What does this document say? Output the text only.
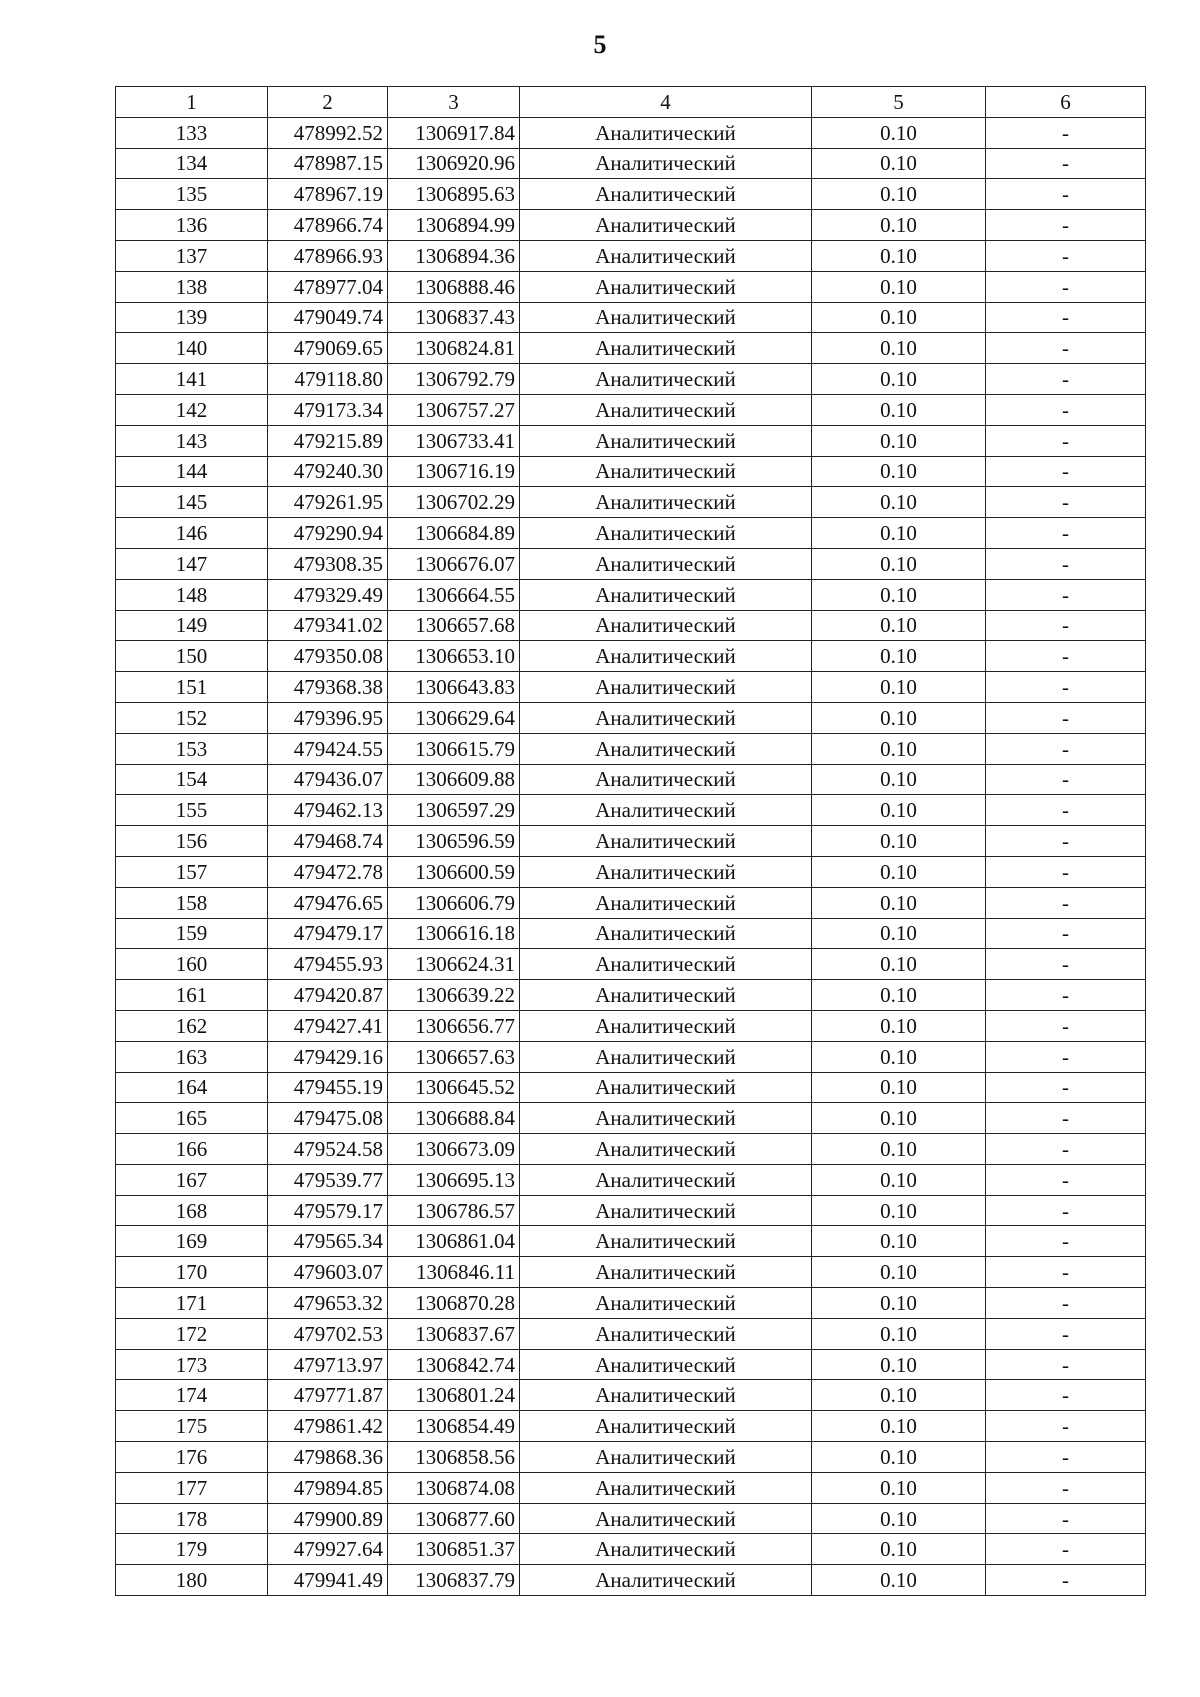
5
1	2	3	4	5	6
133	478992.52	1306917.84	Аналитический	0.10	-
134	478987.15	1306920.96	Аналитический	0.10	-
135	478967.19	1306895.63	Аналитический	0.10	-
136	478966.74	1306894.99	Аналитический	0.10	-
137	478966.93	1306894.36	Аналитический	0.10	-
138	478977.04	1306888.46	Аналитический	0.10	-
139	479049.74	1306837.43	Аналитический	0.10	-
140	479069.65	1306824.81	Аналитический	0.10	-
141	479118.80	1306792.79	Аналитический	0.10	-
142	479173.34	1306757.27	Аналитический	0.10	-
143	479215.89	1306733.41	Аналитический	0.10	-
144	479240.30	1306716.19	Аналитический	0.10	-
145	479261.95	1306702.29	Аналитический	0.10	-
146	479290.94	1306684.89	Аналитический	0.10	-
147	479308.35	1306676.07	Аналитический	0.10	-
148	479329.49	1306664.55	Аналитический	0.10	-
149	479341.02	1306657.68	Аналитический	0.10	-
150	479350.08	1306653.10	Аналитический	0.10	-
151	479368.38	1306643.83	Аналитический	0.10	-
152	479396.95	1306629.64	Аналитический	0.10	-
153	479424.55	1306615.79	Аналитический	0.10	-
154	479436.07	1306609.88	Аналитический	0.10	-
155	479462.13	1306597.29	Аналитический	0.10	-
156	479468.74	1306596.59	Аналитический	0.10	-
157	479472.78	1306600.59	Аналитический	0.10	-
158	479476.65	1306606.79	Аналитический	0.10	-
159	479479.17	1306616.18	Аналитический	0.10	-
160	479455.93	1306624.31	Аналитический	0.10	-
161	479420.87	1306639.22	Аналитический	0.10	-
162	479427.41	1306656.77	Аналитический	0.10	-
163	479429.16	1306657.63	Аналитический	0.10	-
164	479455.19	1306645.52	Аналитический	0.10	-
165	479475.08	1306688.84	Аналитический	0.10	-
166	479524.58	1306673.09	Аналитический	0.10	-
167	479539.77	1306695.13	Аналитический	0.10	-
168	479579.17	1306786.57	Аналитический	0.10	-
169	479565.34	1306861.04	Аналитический	0.10	-
170	479603.07	1306846.11	Аналитический	0.10	-
171	479653.32	1306870.28	Аналитический	0.10	-
172	479702.53	1306837.67	Аналитический	0.10	-
173	479713.97	1306842.74	Аналитический	0.10	-
174	479771.87	1306801.24	Аналитический	0.10	-
175	479861.42	1306854.49	Аналитический	0.10	-
176	479868.36	1306858.56	Аналитический	0.10	-
177	479894.85	1306874.08	Аналитический	0.10	-
178	479900.89	1306877.60	Аналитический	0.10	-
179	479927.64	1306851.37	Аналитический	0.10	-
180	479941.49	1306837.79	Аналитический	0.10	-
